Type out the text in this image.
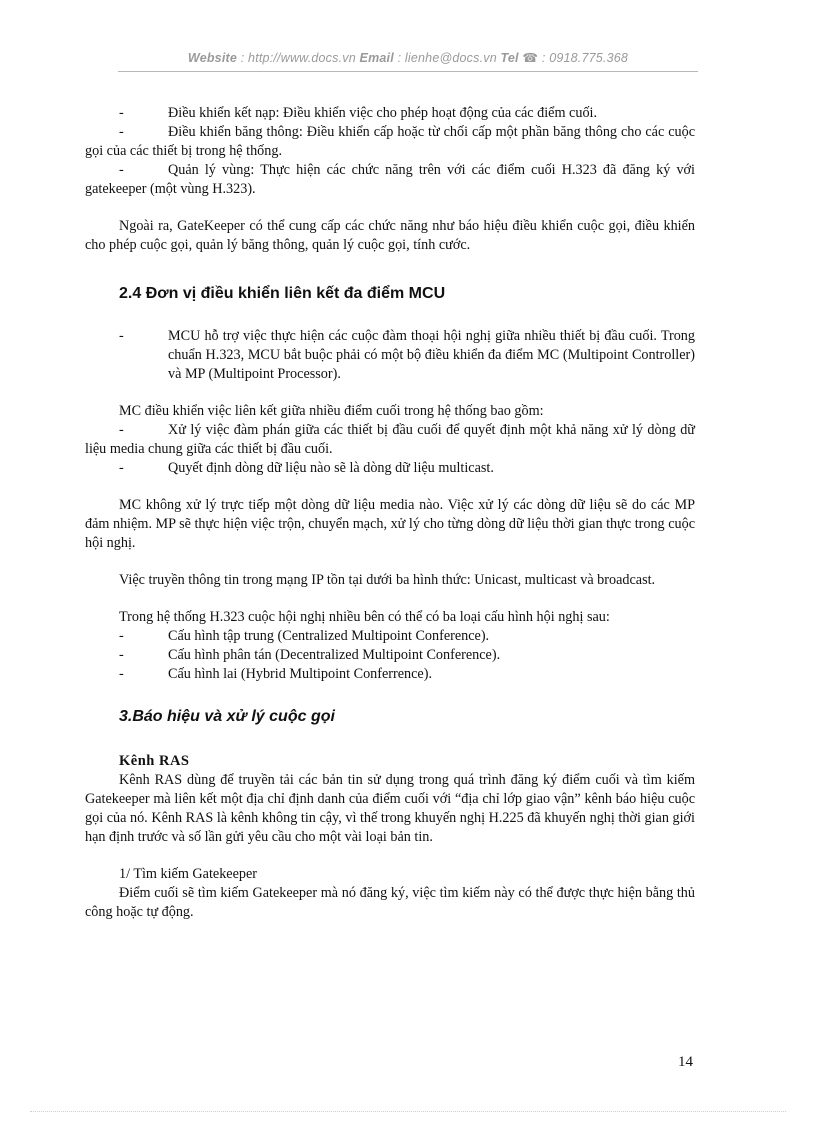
Website : http://www.docs.vn Email : lienhe@docs.vn Tel ☎ : 0918.775.368

-	Điều khiển kết nạp: Điều khiển việc cho phép hoạt động của các điểm cuối.

-	Điều khiển băng thông: Điều khiển cấp hoặc từ chối cấp một phần băng thông cho các cuộc gọi của các thiết bị trong hệ thống.

-	Quản lý vùng: Thực hiện các chức năng trên với các điểm cuối H.323 đã đăng ký với gatekeeper (một vùng H.323).

Ngoài ra, GateKeeper có thể cung cấp các chức năng như báo hiệu điều khiển cuộc gọi, điều khiển cho phép cuộc gọi, quản lý băng thông, quản lý cuộc gọi, tính cước.

2.4 Đơn vị điều khiển liên kết đa điểm MCU

-	MCU hỗ trợ việc thực hiện các cuộc đàm thoại hội nghị giữa nhiều thiết bị đầu cuối. Trong chuẩn H.323, MCU bắt buộc phải có một bộ điều khiển đa điểm MC (Multipoint Controller) và MP (Multipoint Processor).

MC điều khiển việc liên kết giữa nhiều điểm cuối trong hệ thống bao gồm:

-	Xử lý việc đàm phán giữa các thiết bị đầu cuối để quyết định một khả năng xử lý dòng dữ liệu media chung giữa các thiết bị đầu cuối.

-	Quyết định dòng dữ liệu nào sẽ là dòng dữ liệu multicast.

MC không xử lý trực tiếp một dòng dữ liệu media nào. Việc xử lý các dòng dữ liệu sẽ do các MP đảm nhiệm. MP sẽ thực hiện việc trộn, chuyển mạch, xử lý cho từng dòng dữ liệu thời gian thực trong cuộc hội nghị.

Việc truyền thông tin trong mạng IP tồn tại dưới ba hình thức: Unicast, multicast và broadcast.

Trong hệ thống H.323 cuộc hội nghị nhiều bên có thể có ba loại cấu hình hội nghị sau:

-	Cấu hình tập trung (Centralized Multipoint Conference).

-	Cấu hình phân tán (Decentralized Multipoint Conference).

-	Cấu hình lai (Hybrid Multipoint Conferrence).

3.Báo hiệu và xử lý cuộc gọi
Kênh RAS

Kênh RAS dùng để truyền tải các bản tin sử dụng trong quá trình đăng ký điểm cuối và tìm kiếm Gatekeeper mà liên kết một địa chỉ định danh của điểm cuối với “địa chỉ lớp giao vận” kênh báo hiệu cuộc gọi của nó. Kênh RAS là kênh không tin cậy, vì thế trong khuyến nghị H.225 đã khuyến nghị thời gian giới hạn định trước và số lần gửi yêu cầu cho một vài loại bản tin.

1/ Tìm kiếm Gatekeeper

Điểm cuối sẽ tìm kiếm Gatekeeper mà nó đăng ký, việc tìm kiếm này có thể được thực hiện bằng thủ công hoặc tự động.

14
